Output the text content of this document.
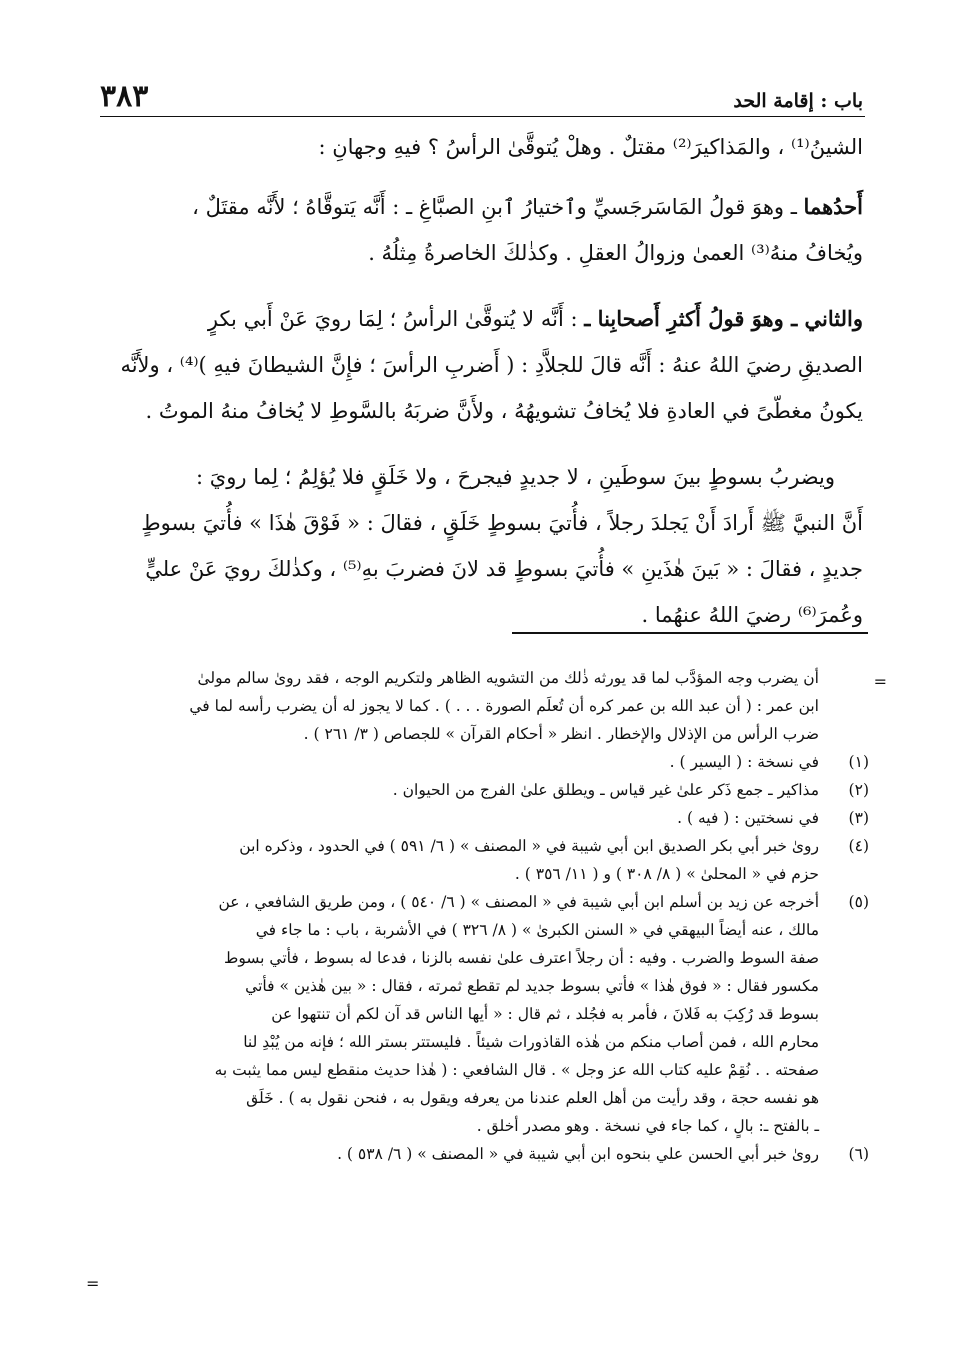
باب : إقامة الحد
٣٨٣
الشينُ⁽¹⁾ ، والمَذاكيرَ⁽²⁾ مقتلٌ . وهلْ يُتوقَّىٰ الرأسُ ؟ فيهِ وجهانِ :
أَحدُهما ـ وهوَ قولُ المَاسَرجَسيِّ وٱختيارُ ٱبنِ الصبَّاغِ ـ : أَنَّه يَتوقَّاهُ ؛ لأَنَّه مقتَلٌ ،
ويُخافُ منهُ⁽³⁾ العمىٰ وزوالُ العقلِ . وكذٰلكَ الخاصرةُ مِثلُهُ .
والثاني ـ وهوَ قولُ أَكثرِ أَصحابِنا ـ : أَنَّه لا يُتوقَّىٰ الرأسُ ؛ لِمَا رويَ عَنْ أَبي بكرٍ
الصديقِ رضيَ اللهُ عنهُ : أَنَّه قالَ للجلاَّدِ : ( أَضربِ الرأسَ ؛ فإِنَّ الشيطانَ فيهِ )⁽⁴⁾ ، ولأَنَّه
يكونُ مغطّىً في العادةِ فلا يُخافُ تشويهُهُ ، ولأَنَّ ضربَهُ بالسَّوطِ لا يُخافُ منهُ الموتُ .
ويضربُ بسوطٍ بينَ سوطَينِ ، لا جديدٍ فيجرحَ ، ولا خَلَقٍ فلا يُؤلِمُ ؛ لِما رويَ :
أَنَّ النبيَّ ﷺ أَرادَ أَنْ يَجلدَ رجلاً ، فأُتيَ بسوطٍ خَلَقٍ ، فقالَ : « فَوْقَ هٰذَا » فأُتيَ بسوطٍ
جديدٍ ، فقالَ : « بَينَ هٰذَينِ » فأُتيَ بسوطٍ قد لانَ فضربَ بهِ⁽⁵⁾ ، وكذٰلكَ رويَ عَنْ عليٍّ
وعُمرَ⁽⁶⁾ رضيَ اللهُ عنهُما .
=
أن يضرب وجه المؤدَّب لما قد يورثه ذٰلك من التشويه الظاهر ولتكريم الوجه ، فقد روىٰ سالم مولىٰ
ابن عمر : ( أن عبد الله بن عمر كره أن تُعلَم الصورة . . . ) . كما لا يجوز له أن يضرب رأسه لما في
ضرب الرأس من الإذلال والإخطار . انظر « أحكام القرآن » للجصاص ( ٣/ ٢٦١ ) .
(١)
في نسخة : ( اليسير ) .
(٢)
مذاكير ـ جمع ذَكر علىٰ غير قياس ـ ويطلق علىٰ الفرج من الحيوان .
(٣)
في نسختين : ( فيه ) .
(٤)
روىٰ خبر أبي بكر الصديق ابن أبي شيبة في « المصنف » ( ٦/ ٥٩١ ) في الحدود ، وذكره ابن
حزم في « المحلىٰ » ( ٨/ ٣٠٨ ) و ( ١١/ ٣٥٦ ) .
(٥)
أخرجه عن زيد بن أسلم ابن أبي شيبة في « المصنف » ( ٦/ ٥٤٠ ) ، ومن طريق الشافعي ، عن
مالك ، عنه أيضاً البيهقي في « السنن الكبرىٰ » ( ٨/ ٣٢٦ ) في الأشربة ، باب : ما جاء في
صفة السوط والضرب . وفيه : أن رجلاً اعترف علىٰ نفسه بالزنا ، فدعا له بسوط ، فأتي بسوط
مكسور فقال : « فوق هٰذا » فأتي بسوط جديد لم تقطع ثمرته ، فقال : « بين هٰذين » فأتي
بسوط قد رُكِبَ به فَلانَ ، فأمر به فجُلد ، ثم قال : « أيها الناس قد آن لكم أن تنتهوا عن
محارم الله ، فمن أصاب منكم من هٰذه القاذورات شيئاً . فليستتر بستر الله ؛ فإنه من يُبْدِ لنا
صفحته . . نُقِمْ عليه كتاب الله عز وجل » . قال الشافعي : ( هٰذا حديث منقطع ليس مما يثبت به
هو نفسه حجة ، وقد رأيت من أهل العلم عندنا من يعرفه ويقول به ، فنحن نقول به ) . خَلَق
ـ بالفتح ـ: بالٍ ، كما جاء في نسخة . وهو مصدر أخلق .
(٦)
روىٰ خبر أبي الحسن علي بنحوه ابن أبي شيبة في « المصنف » ( ٦/ ٥٣٨ ) .
=
